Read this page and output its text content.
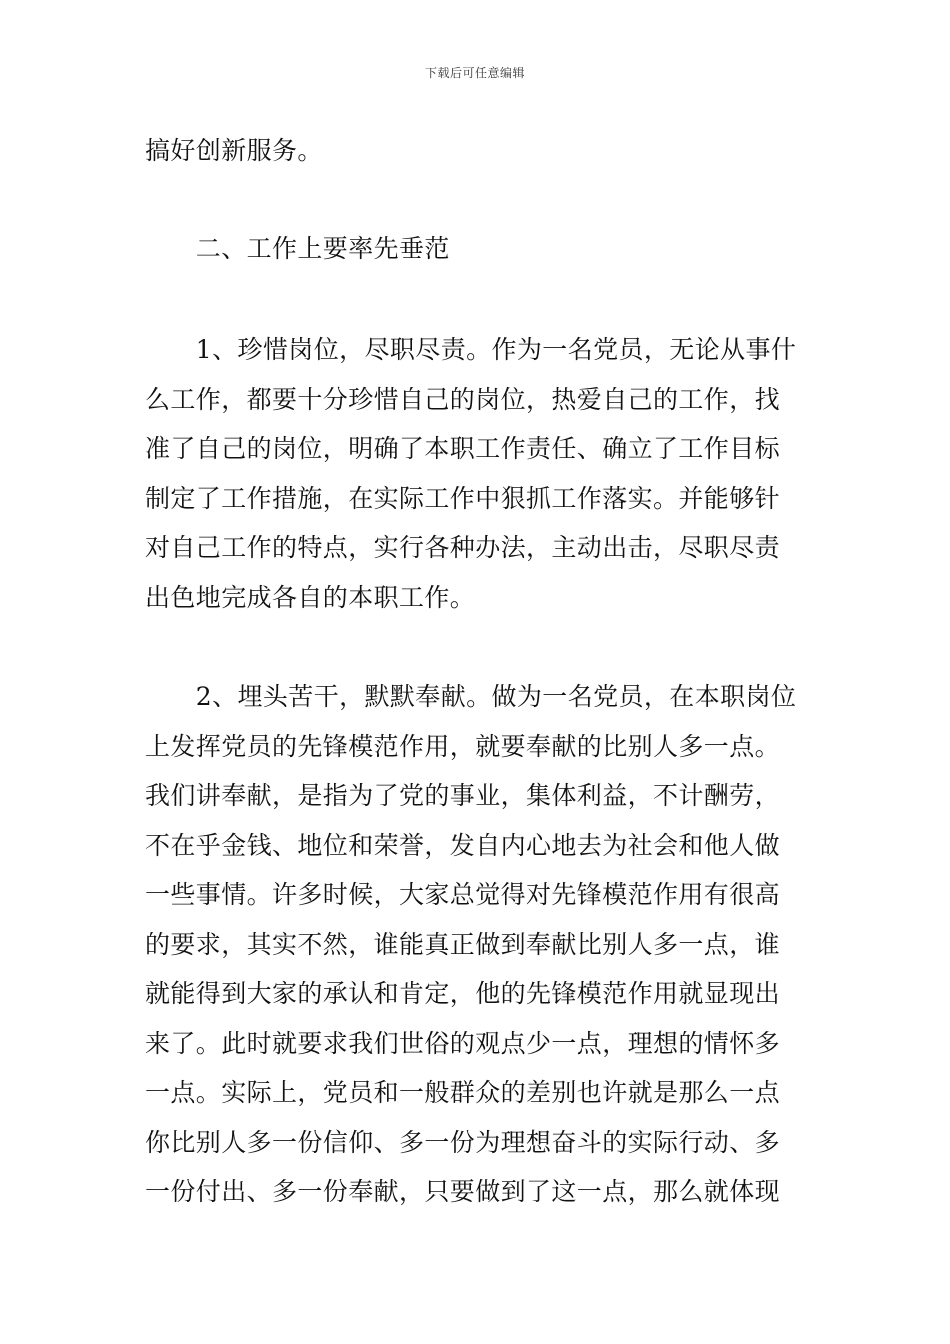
下载后可任意编辑

搞好创新服务。

　　二、工作上要率先垂范

　　1、珍惜岗位，尽职尽责。作为一名党员，无论从事什
么工作，都要十分珍惜自己的岗位，热爱自己的工作，找
准了自己的岗位，明确了本职工作责任、确立了工作目标
制定了工作措施，在实际工作中狠抓工作落实。并能够针
对自己工作的特点，实行各种办法，主动出击，尽职尽责
出色地完成各自的本职工作。

　　2、埋头苦干，默默奉献。做为一名党员，在本职岗位
上发挥党员的先锋模范作用，就要奉献的比别人多一点。
我们讲奉献，是指为了党的事业，集体利益，不计酬劳，
不在乎金钱、地位和荣誉，发自内心地去为社会和他人做
一些事情。许多时候，大家总觉得对先锋模范作用有很高
的要求，其实不然，谁能真正做到奉献比别人多一点，谁
就能得到大家的承认和肯定，他的先锋模范作用就显现出
来了。此时就要求我们世俗的观点少一点，理想的情怀多
一点。实际上，党员和一般群众的差别也许就是那么一点
你比别人多一份信仰、多一份为理想奋斗的实际行动、多
一份付出、多一份奉献，只要做到了这一点，那么就体现
